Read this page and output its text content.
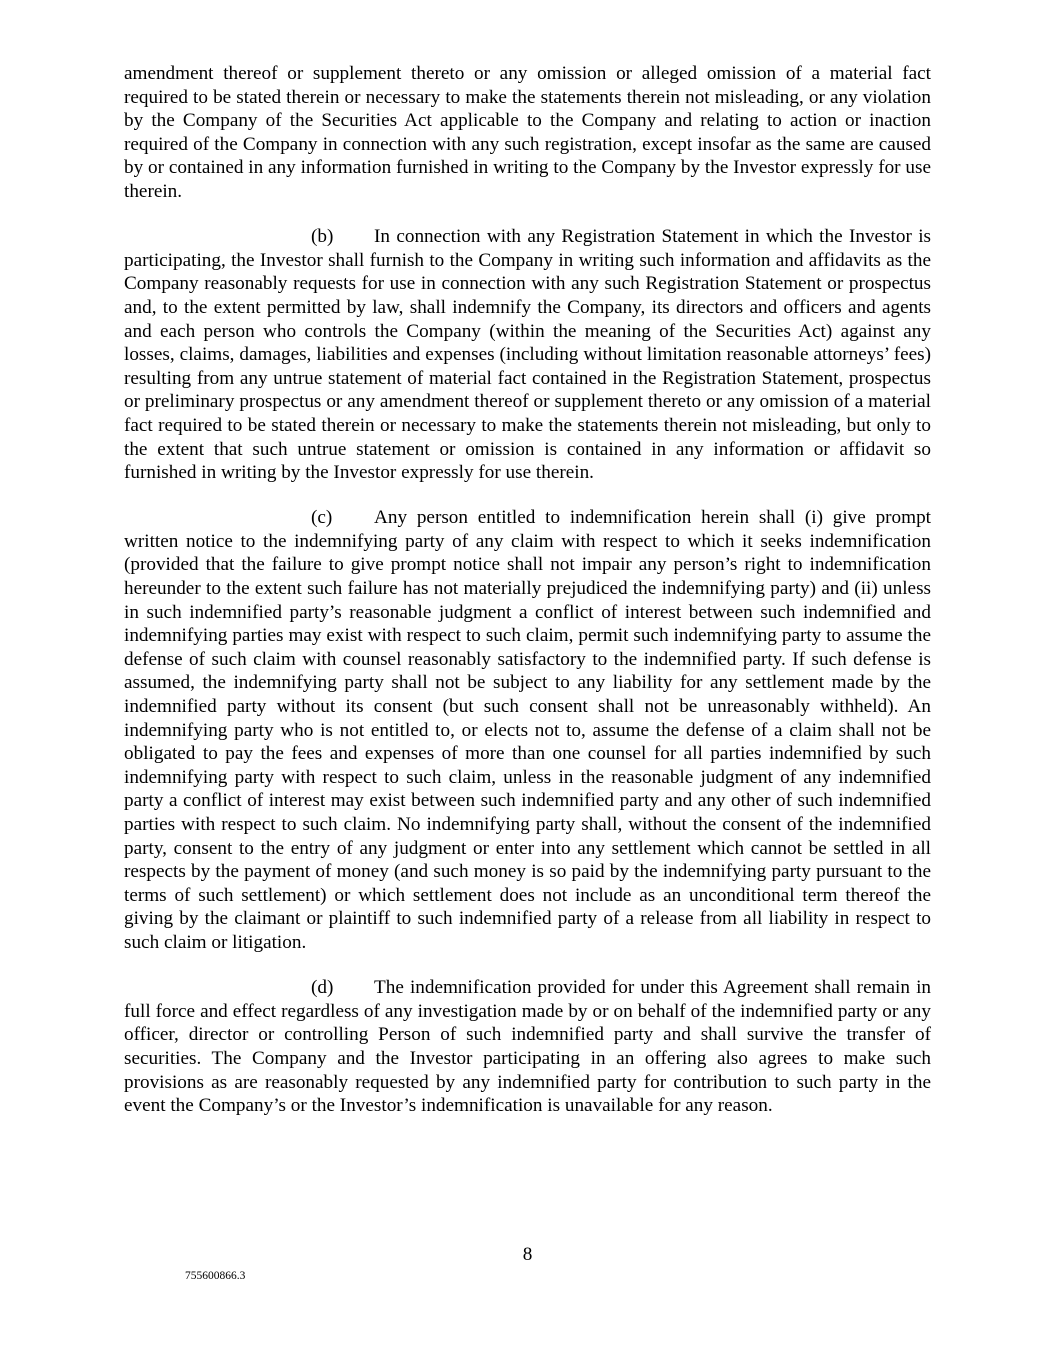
amendment thereof or supplement thereto or any omission or alleged omission of a material fact required to be stated therein or necessary to make the statements therein not misleading, or any violation by the Company of the Securities Act applicable to the Company and relating to action or inaction required of the Company in connection with any such registration, except insofar as the same are caused by or contained in any information furnished in writing to the Company by the Investor expressly for use therein.

(b) In connection with any Registration Statement in which the Investor is participating, the Investor shall furnish to the Company in writing such information and affidavits as the Company reasonably requests for use in connection with any such Registration Statement or prospectus and, to the extent permitted by law, shall indemnify the Company, its directors and officers and agents and each person who controls the Company (within the meaning of the Securities Act) against any losses, claims, damages, liabilities and expenses (including without limitation reasonable attorneys’ fees) resulting from any untrue statement of material fact contained in the Registration Statement, prospectus or preliminary prospectus or any amendment thereof or supplement thereto or any omission of a material fact required to be stated therein or necessary to make the statements therein not misleading, but only to the extent that such untrue statement or omission is contained in any information or affidavit so furnished in writing by the Investor expressly for use therein.

(c) Any person entitled to indemnification herein shall (i) give prompt written notice to the indemnifying party of any claim with respect to which it seeks indemnification (provided that the failure to give prompt notice shall not impair any person’s right to indemnification hereunder to the extent such failure has not materially prejudiced the indemnifying party) and (ii) unless in such indemnified party’s reasonable judgment a conflict of interest between such indemnified and indemnifying parties may exist with respect to such claim, permit such indemnifying party to assume the defense of such claim with counsel reasonably satisfactory to the indemnified party. If such defense is assumed, the indemnifying party shall not be subject to any liability for any settlement made by the indemnified party without its consent (but such consent shall not be unreasonably withheld). An indemnifying party who is not entitled to, or elects not to, assume the defense of a claim shall not be obligated to pay the fees and expenses of more than one counsel for all parties indemnified by such indemnifying party with respect to such claim, unless in the reasonable judgment of any indemnified party a conflict of interest may exist between such indemnified party and any other of such indemnified parties with respect to such claim. No indemnifying party shall, without the consent of the indemnified party, consent to the entry of any judgment or enter into any settlement which cannot be settled in all respects by the payment of money (and such money is so paid by the indemnifying party pursuant to the terms of such settlement) or which settlement does not include as an unconditional term thereof the giving by the claimant or plaintiff to such indemnified party of a release from all liability in respect to such claim or litigation.

(d) The indemnification provided for under this Agreement shall remain in full force and effect regardless of any investigation made by or on behalf of the indemnified party or any officer, director or controlling Person of such indemnified party and shall survive the transfer of securities. The Company and the Investor participating in an offering also agrees to make such provisions as are reasonably requested by any indemnified party for contribution to such party in the event the Company’s or the Investor’s indemnification is unavailable for any reason.

8
755600866.3
